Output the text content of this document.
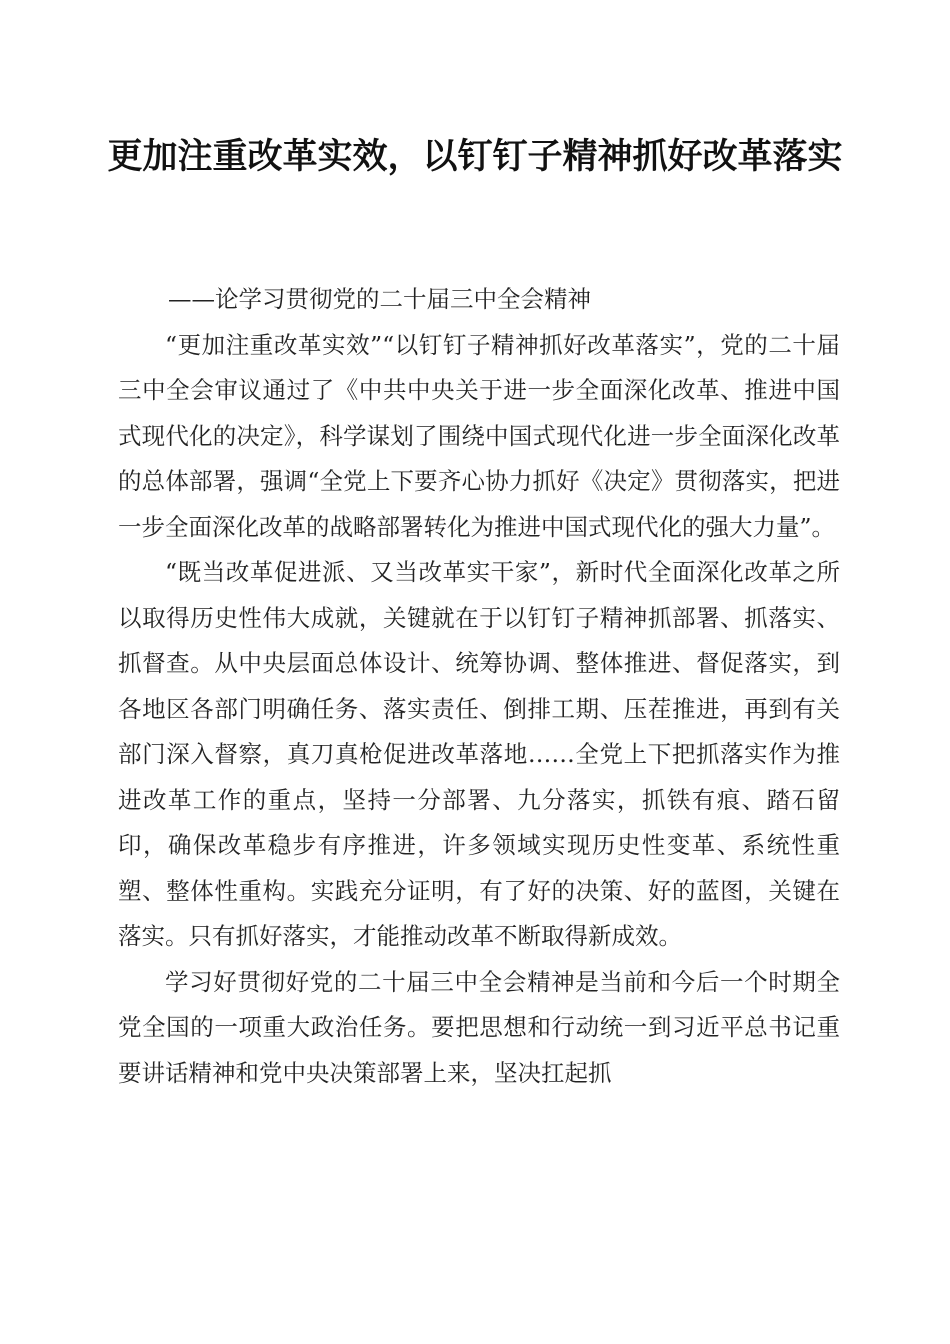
更加注重改革实效，以钉钉子精神抓好改革落实

——论学习贯彻党的二十届三中全会精神

“更加注重改革实效”“以钉钉子精神抓好改革落实”，党的二十届三中全会审议通过了《中共中央关于进一步全面深化改革、推进中国式现代化的决定》，科学谋划了围绕中国式现代化进一步全面深化改革的总体部署，强调“全党上下要齐心协力抓好《决定》贯彻落实，把进一步全面深化改革的战略部署转化为推进中国式现代化的强大力量”。

“既当改革促进派、又当改革实干家”，新时代全面深化改革之所以取得历史性伟大成就，关键就在于以钉钉子精神抓部署、抓落实、抓督查。从中央层面总体设计、统筹协调、整体推进、督促落实，到各地区各部门明确任务、落实责任、倒排工期、压茬推进，再到有关部门深入督察，真刀真枪促进改革落地……全党上下把抓落实作为推进改革工作的重点，坚持一分部署、九分落实，抓铁有痕、踏石留印，确保改革稳步有序推进，许多领域实现历史性变革、系统性重塑、整体性重构。实践充分证明，有了好的决策、好的蓝图，关键在落实。只有抓好落实，才能推动改革不断取得新成效。

学习好贯彻好党的二十届三中全会精神是当前和今后一个时期全党全国的一项重大政治任务。要把思想和行动统一到习近平总书记重要讲话精神和党中央决策部署上来，坚决扛起抓
